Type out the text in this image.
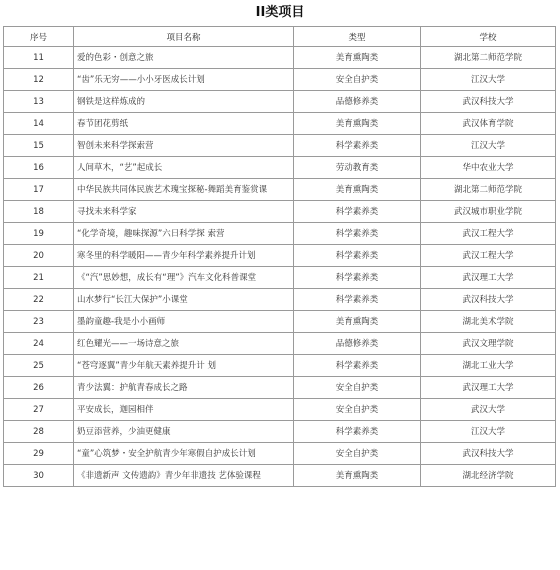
II类项目
序号	项目名称	类型	学校
11	爱的色彩・创意之旅	美育熏陶类	湖北第二师范学院
12	“齿”乐无穷——小小牙医成长计划	安全自护类	江汉大学
13	钢铁是这样炼成的	品德修养类	武汉科技大学
14	春节团花剪纸	美育熏陶类	武汉体育学院
15	智创未来科学探索营	科学素养类	江汉大学
16	人间草木，“艺”起成长	劳动教育类	华中农业大学
17	中华民族共同体民族艺术瑰宝探秘-舞蹈美育鉴赏课	美育熏陶类	湖北第二师范学院
18	寻找未来科学家	科学素养类	武汉城市职业学院
19	“化学奇境，趣味探源”六日科学探 索营	科学素养类	武汉工程大学
20	寒冬里的科学暖阳——青少年科学素养提升计划	科学素养类	武汉工程大学
21	《“汽”思妙想，成长有“理”》汽车文化科普课堂	科学素养类	武汉理工大学
22	山水梦行“长江大保护”小课堂	科学素养类	武汉科技大学
23	墨韵童趣-我是小小画师	美育熏陶类	湖北美术学院
24	红色耀光——一场诗意之旅	品德修养类	武汉文理学院
25	“苍穹逐翼”青少年航天素养提升计 划	科学素养类	湖北工业大学
26	青少法翼：护航青春成长之路	安全自护类	武汉理工大学
27	平安成长，迦园相伴	安全自护类	武汉大学
28	奶豆添营养，少油更健康	科学素养类	江汉大学
29	“童”心筑梦・安全护航青少年寒假自护成长计划	安全自护类	武汉科技大学
30	《非遗新声 文传遗韵》青少年非遗技 艺体验课程	美育熏陶类	湖北经济学院
